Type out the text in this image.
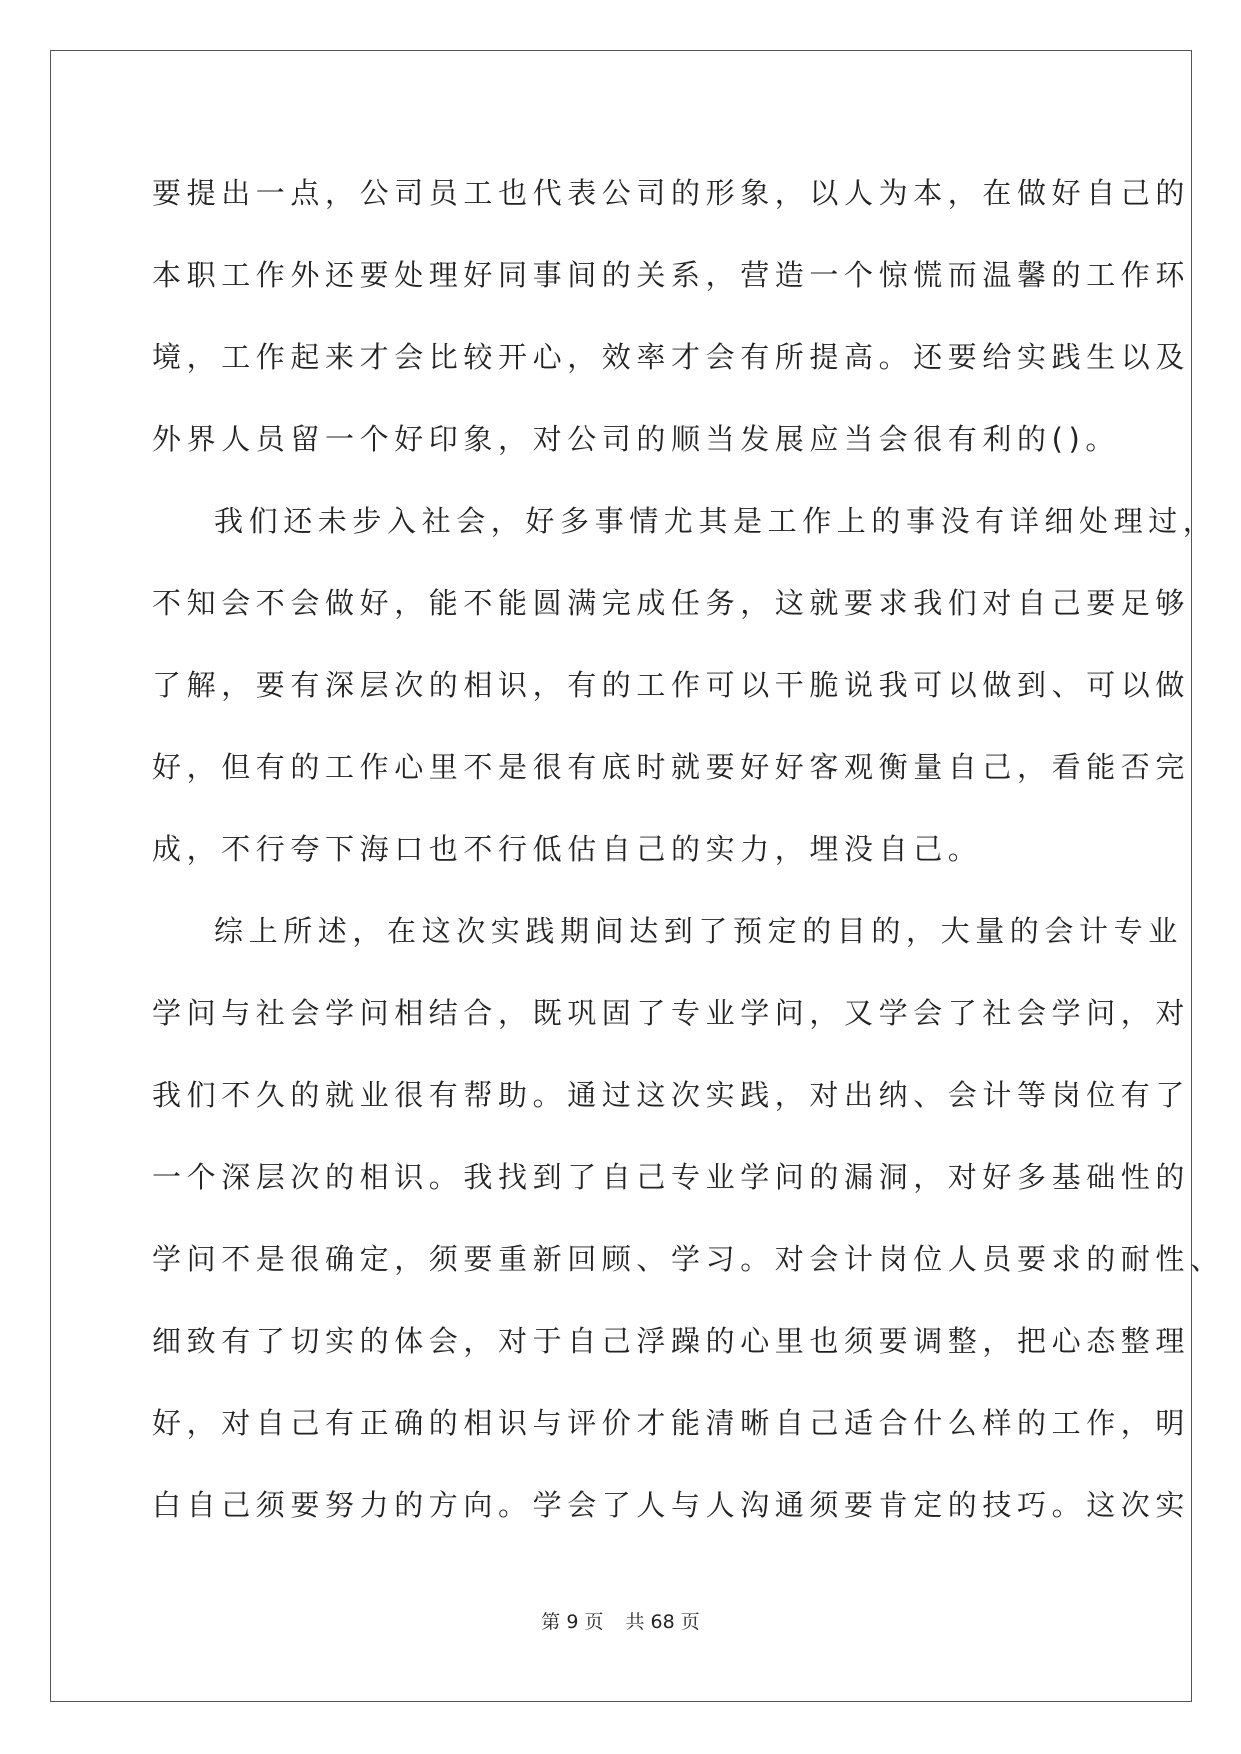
要提出一点，公司员工也代表公司的形象，以人为本，在做好自己的
本职工作外还要处理好同事间的关系，营造一个惊慌而温馨的工作环
境，工作起来才会比较开心，效率才会有所提高。还要给实践生以及
外界人员留一个好印象，对公司的顺当发展应当会很有利的()。
我们还未步入社会，好多事情尤其是工作上的事没有详细处理过，
不知会不会做好，能不能圆满完成任务，这就要求我们对自己要足够
了解，要有深层次的相识，有的工作可以干脆说我可以做到、可以做
好，但有的工作心里不是很有底时就要好好客观衡量自己，看能否完
成，不行夸下海口也不行低估自己的实力，埋没自己。
综上所述，在这次实践期间达到了预定的目的，大量的会计专业
学问与社会学问相结合，既巩固了专业学问，又学会了社会学问，对
我们不久的就业很有帮助。通过这次实践，对出纳、会计等岗位有了
一个深层次的相识。我找到了自己专业学问的漏洞，对好多基础性的
学问不是很确定，须要重新回顾、学习。对会计岗位人员要求的耐性、
细致有了切实的体会，对于自己浮躁的心里也须要调整，把心态整理
好，对自己有正确的相识与评价才能清晰自己适合什么样的工作，明
白自己须要努力的方向。学会了人与人沟通须要肯定的技巧。这次实
第 9 页 共 68 页
